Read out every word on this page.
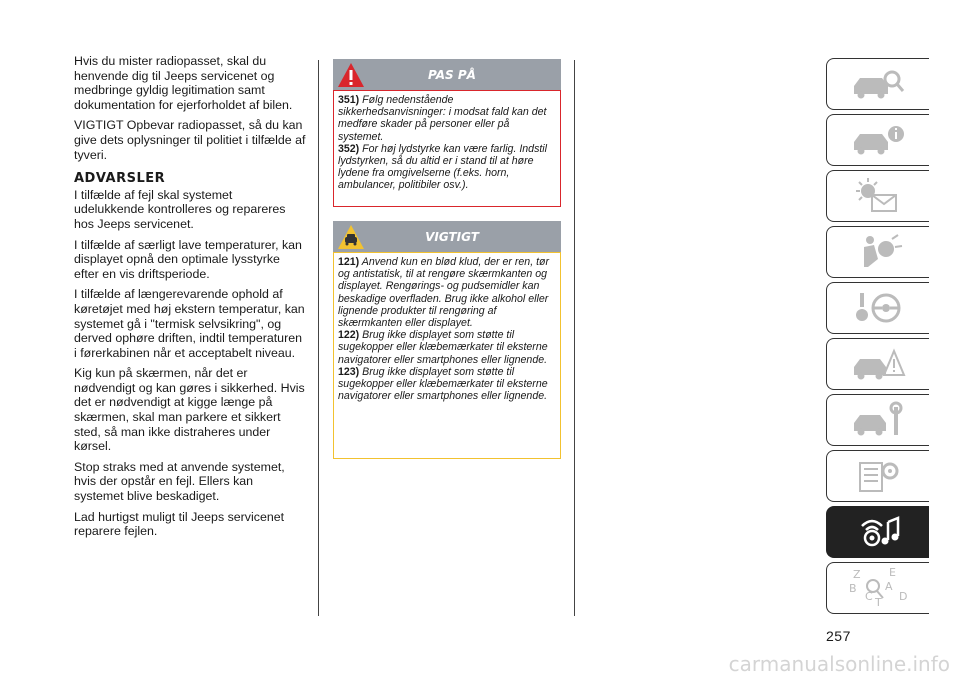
Hvis du mister radiopasset, skal du henvende dig til Jeeps servicenet og medbringe gyldig legitimation samt dokumentation for ejerforholdet af bilen.

VIGTIGT Opbevar radiopasset, så du kan give dets oplysninger til politiet i tilfælde af tyveri.

ADVARSLER

I tilfælde af fejl skal systemet udelukkende kontrolleres og repareres hos Jeeps servicenet.

I tilfælde af særligt lave temperaturer, kan displayet opnå den optimale lysstyrke efter en vis driftsperiode.

I tilfælde af længerevarende ophold af køretøjet med høj ekstern temperatur, kan systemet gå i "termisk selvsikring", og derved ophøre driften, indtil temperaturen i førerkabinen når et acceptabelt niveau.

Kig kun på skærmen, når det er nødvendigt og kan gøres i sikkerhed. Hvis det er nødvendigt at kigge længe på skærmen, skal man parkere et sikkert sted, så man ikke distraheres under kørsel.

Stop straks med at anvende systemet, hvis der opstår en fejl. Ellers kan systemet blive beskadiget.

Lad hurtigst muligt til Jeeps servicenet reparere fejlen.

PAS PÅ
351) Følg nedenstående sikkerhedsanvisninger: i modsat fald kan det medføre skader på personer eller på systemet.
352) For høj lydstyrke kan være farlig. Indstil lydstyrken, så du altid er i stand til at høre lydene fra omgivelserne (f.eks. horn, ambulancer, politibiler osv.).
VIGTIGT
121) Anvend kun en blød klud, der er ren, tør og antistatisk, til at rengøre skærmkanten og displayet. Rengørings- og pudsemidler kan beskadige overfladen. Brug ikke alkohol eller lignende produkter til rengøring af skærmkanten eller displayet.
122) Brug ikke displayet som støtte til sugekopper eller klæbemærkater til eksterne navigatorer eller smartphones eller lignende.
123) Brug ikke displayet som støtte til sugekopper eller klæbemærkater til eksterne navigatorer eller smartphones eller lignende.
Z	E
B	A
C T D
257
carmanualsonline.info
